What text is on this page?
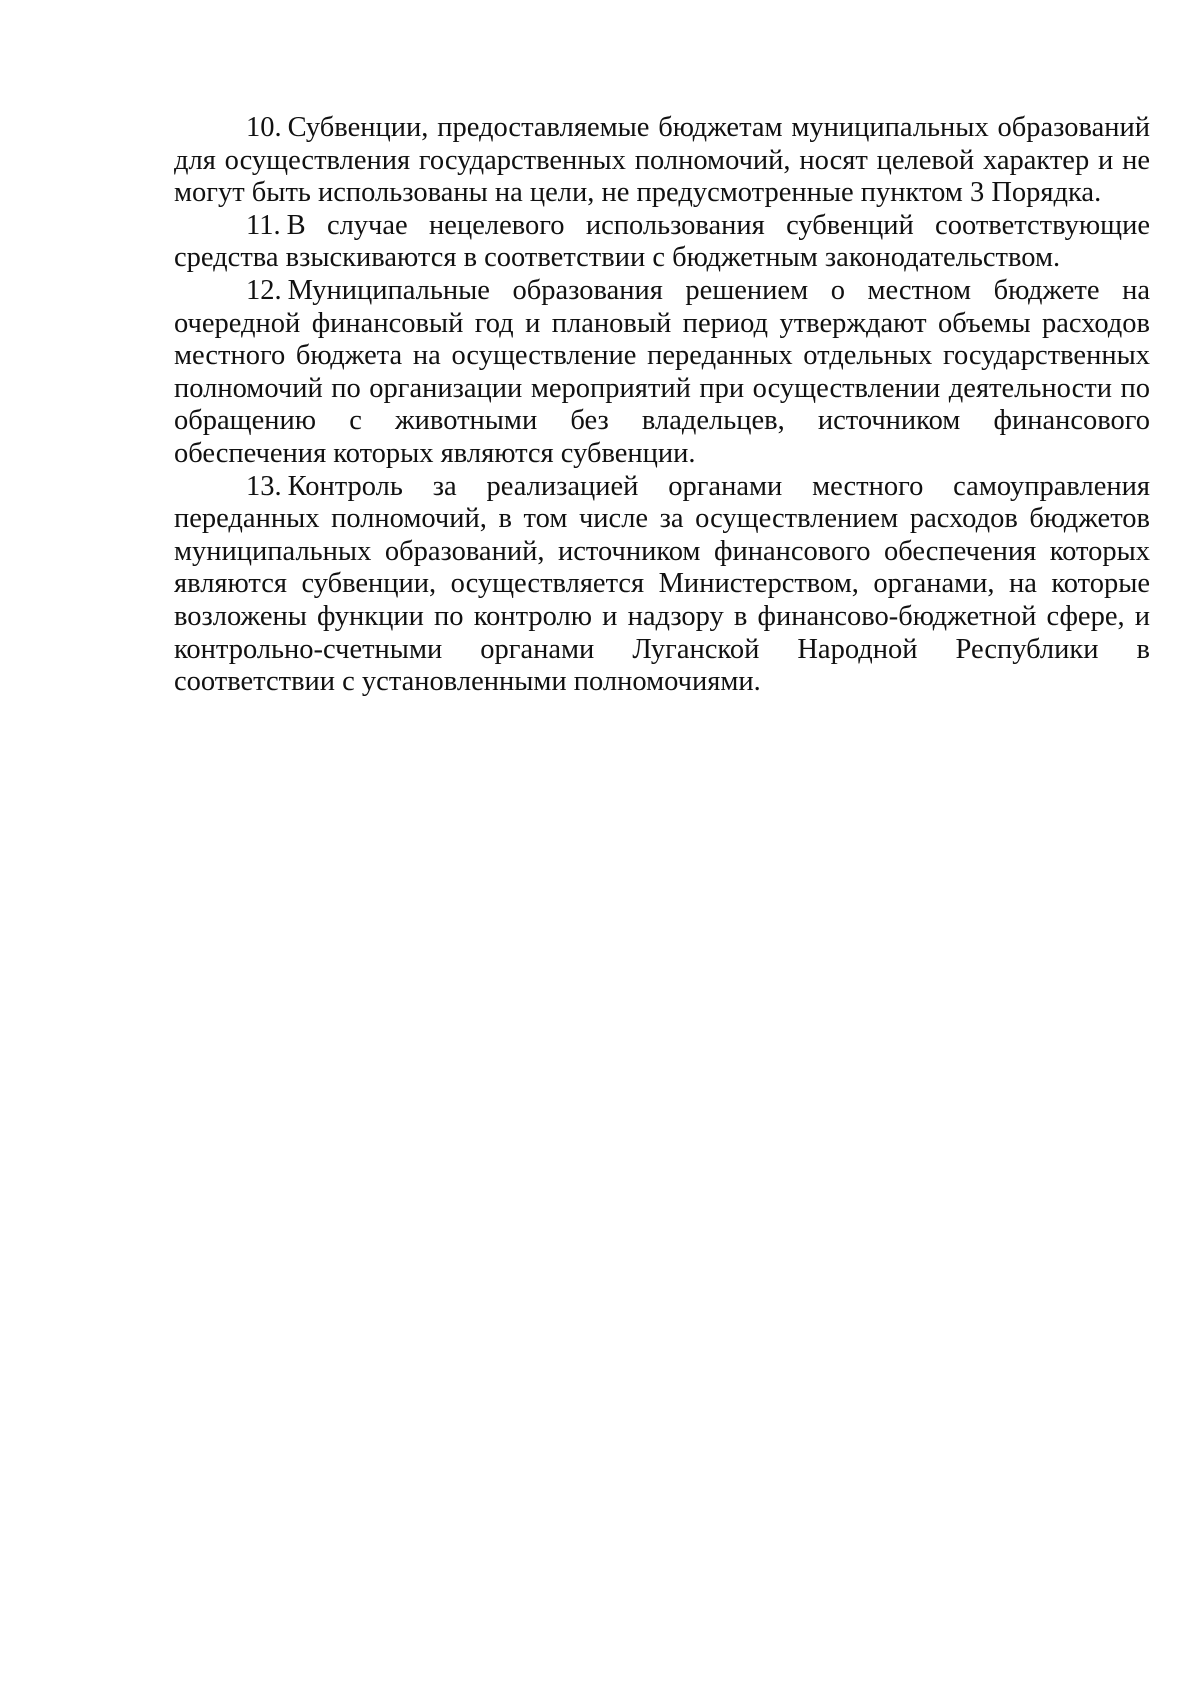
10. Субвенции, предоставляемые бюджетам муниципальных образований для осуществления государственных полномочий, носят целевой характер и не могут быть использованы на цели, не предусмотренные пунктом 3 Порядка.

11. В случае нецелевого использования субвенций соответствующие средства взыскиваются в соответствии с бюджетным законодательством.

12. Муниципальные образования решением о местном бюджете на очередной финансовый год и плановый период утверждают объемы расходов местного бюджета на осуществление переданных отдельных государственных полномочий по организации мероприятий при осуществлении деятельности по обращению с животными без владельцев, источником финансового обеспечения которых являются субвенции.

13. Контроль за реализацией органами местного самоуправления переданных полномочий, в том числе за осуществлением расходов бюджетов муниципальных образований, источником финансового обеспечения которых являются субвенции, осуществляется Министерством, органами, на которые возложены функции по контролю и надзору в финансово-бюджетной сфере, и контрольно-счетными органами Луганской Народной Республики в соответствии с установленными полномочиями.
